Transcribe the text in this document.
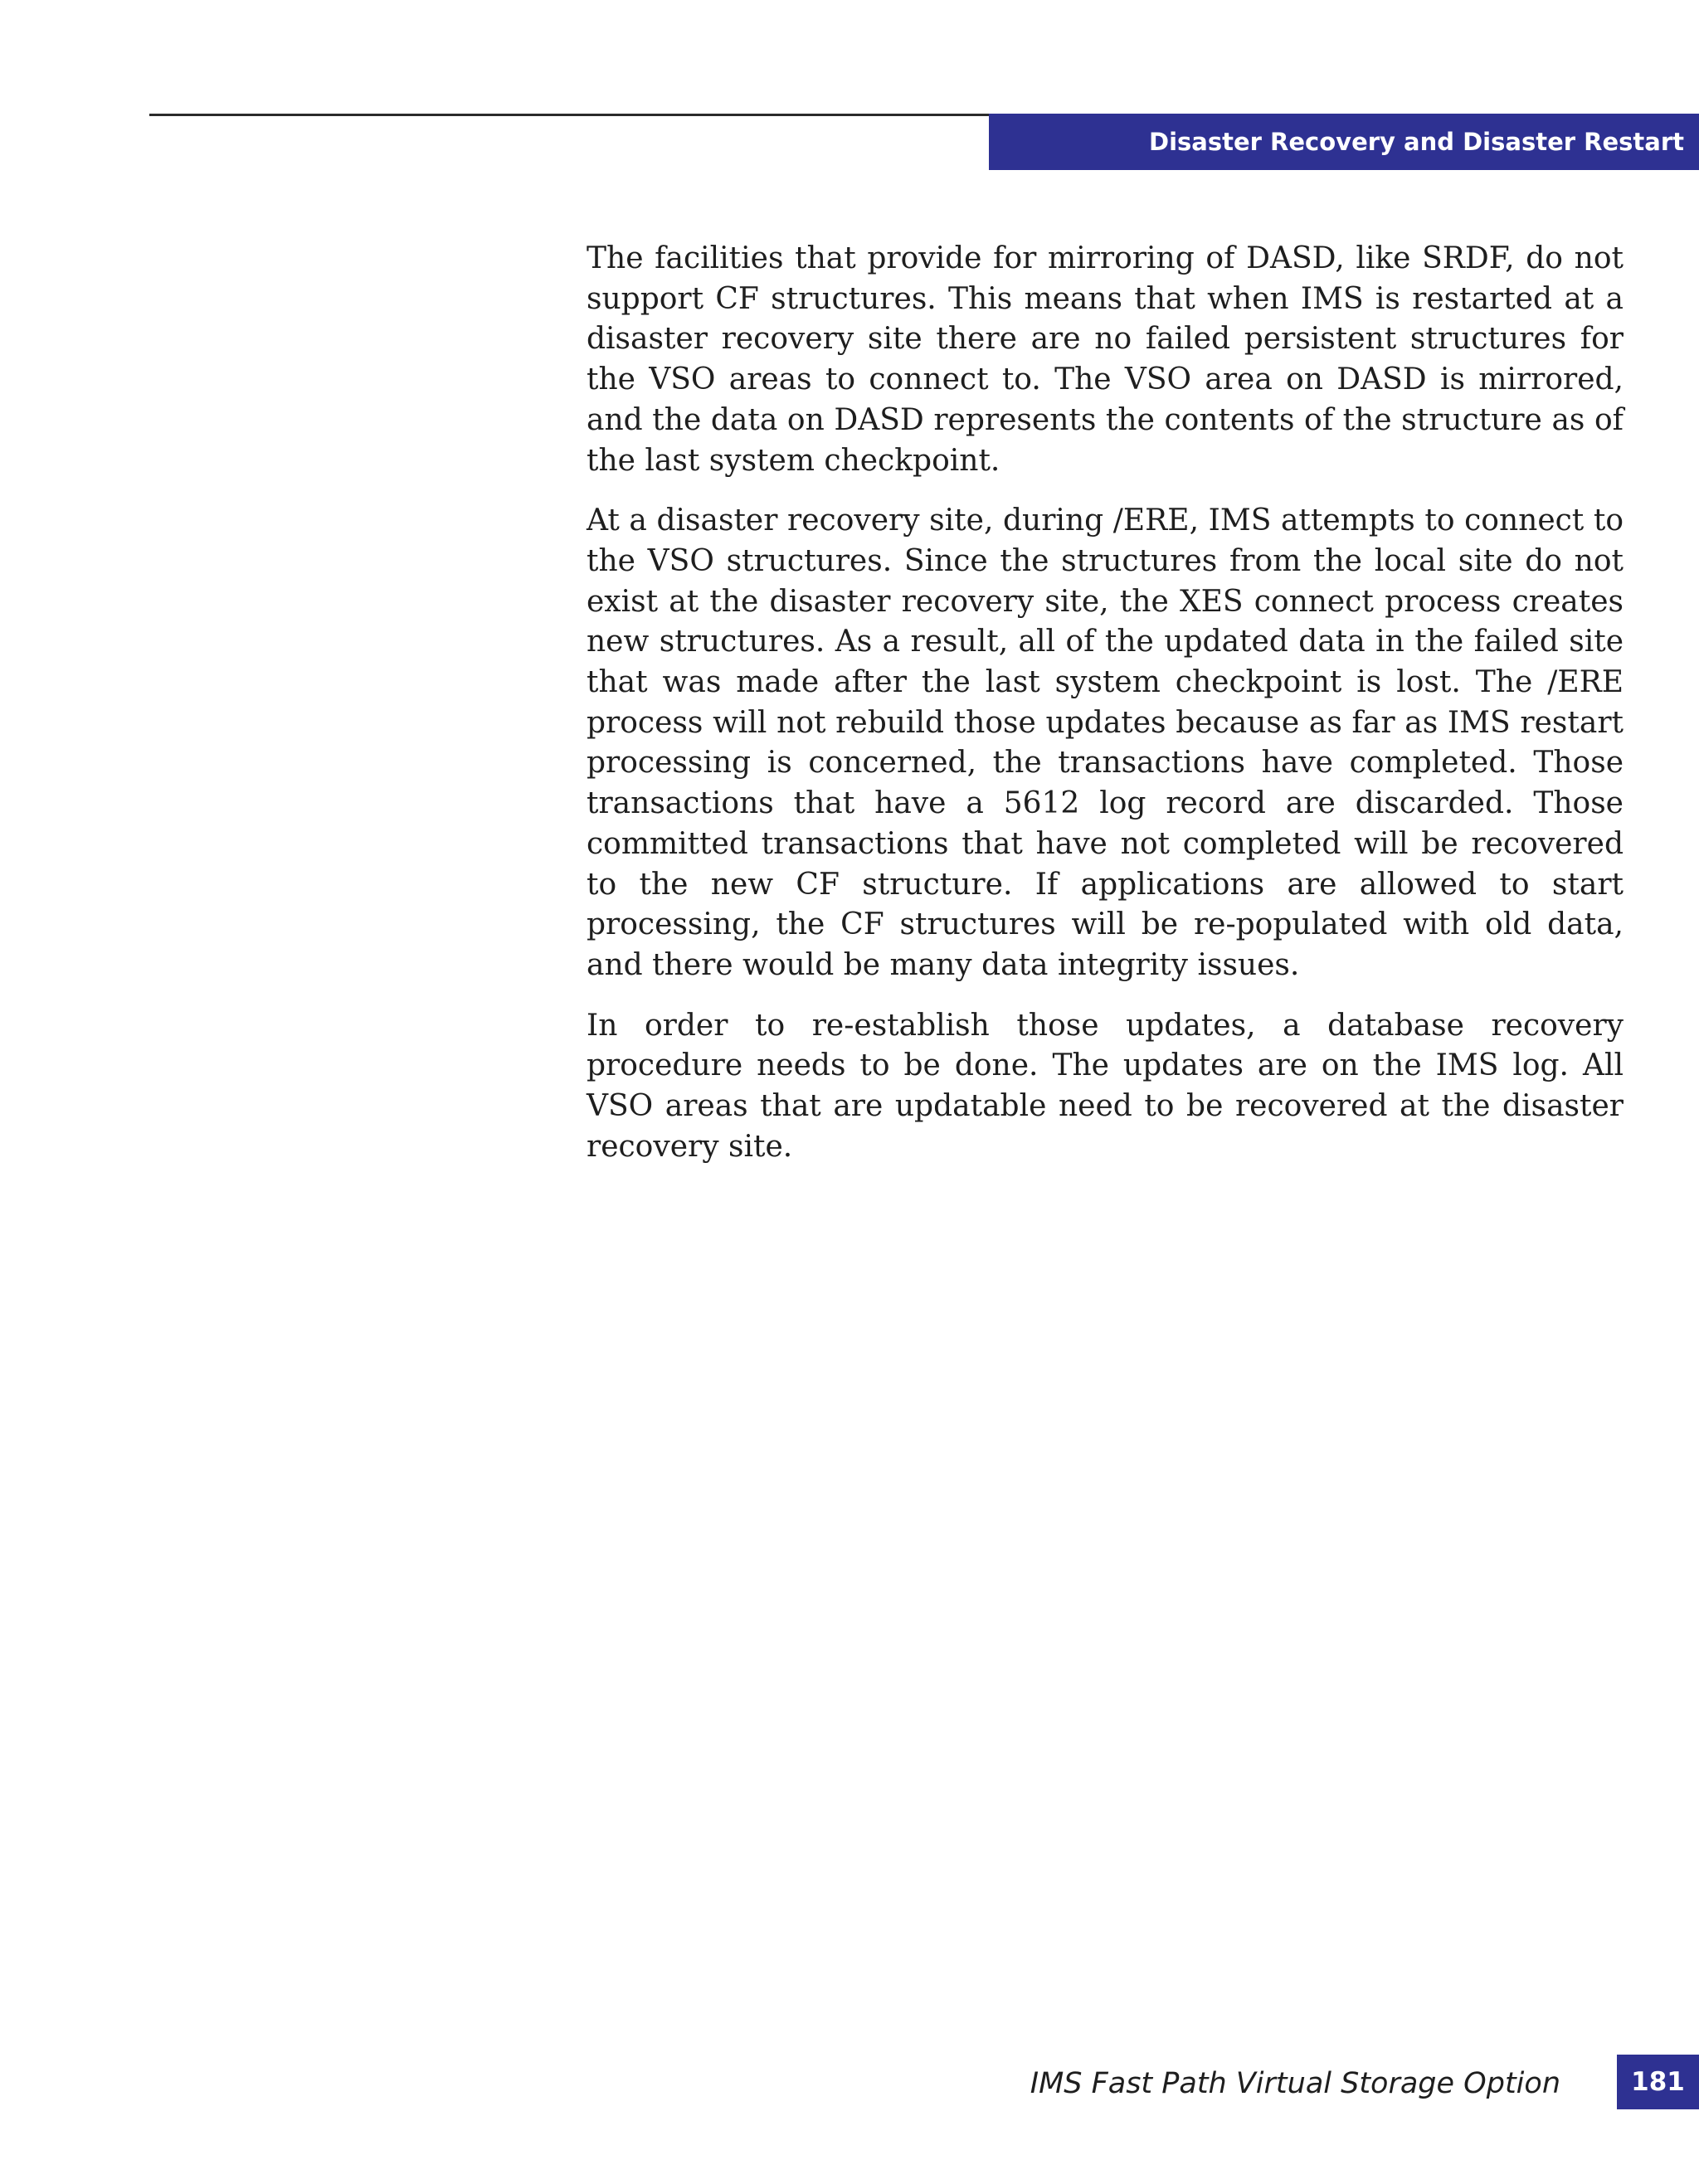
Disaster Recovery and Disaster Restart

The facilities that provide for mirroring of DASD, like SRDF, do not support CF structures. This means that when IMS is restarted at a disaster recovery site there are no failed persistent structures for the VSO areas to connect to. The VSO area on DASD is mirrored, and the data on DASD represents the contents of the structure as of the last system checkpoint.

At a disaster recovery site, during /ERE, IMS attempts to connect to the VSO structures. Since the structures from the local site do not exist at the disaster recovery site, the XES connect process creates new structures. As a result, all of the updated data in the failed site that was made after the last system checkpoint is lost. The /ERE process will not rebuild those updates because as far as IMS restart processing is concerned, the transactions have completed. Those transactions that have a 5612 log record are discarded. Those committed transactions that have not completed will be recovered to the new CF structure. If applications are allowed to start processing, the CF structures will be re-populated with old data, and there would be many data integrity issues.

In order to re-establish those updates, a database recovery procedure needs to be done. The updates are on the IMS log. All VSO areas that are updatable need to be recovered at the disaster recovery site.

IMS Fast Path Virtual Storage Option	181
